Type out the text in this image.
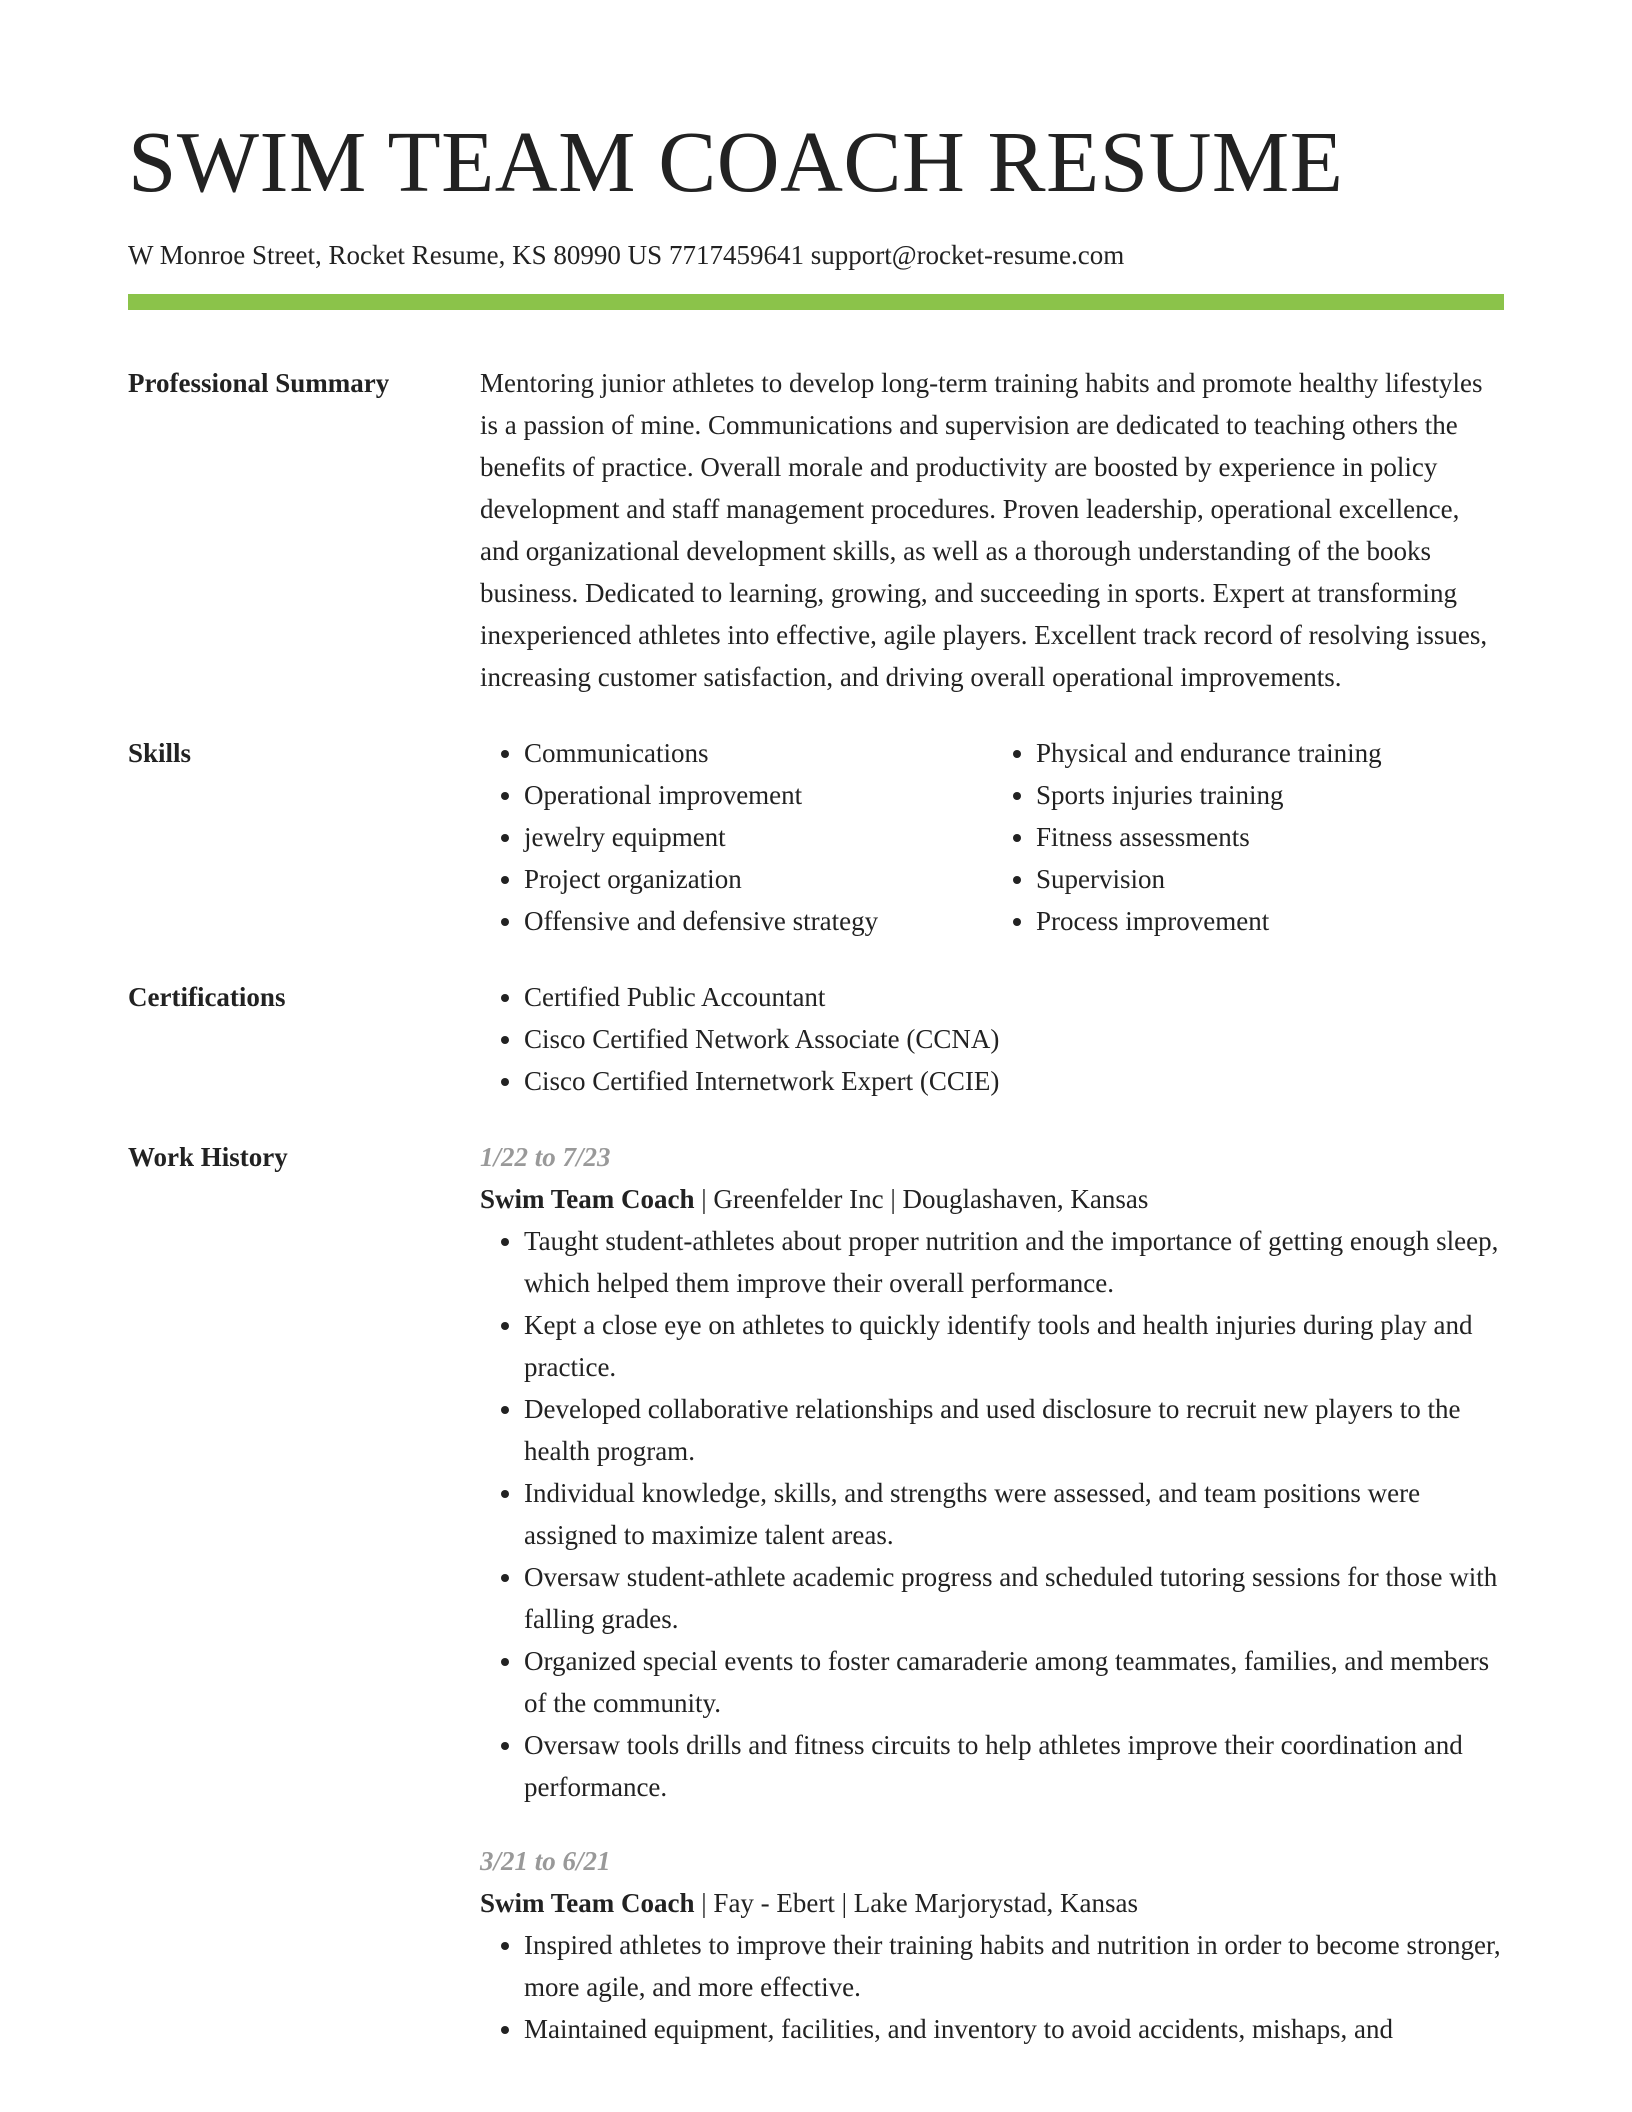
SWIM TEAM COACH RESUME
W Monroe Street, Rocket Resume, KS 80990 US 7717459641 support@rocket-resume.com
Professional Summary	Mentoring junior athletes to develop long-term training habits and promote healthy lifestyles is a passion of mine. Communications and supervision are dedicated to teaching others the benefits of practice. Overall morale and productivity are boosted by experience in policy development and staff management procedures. Proven leadership, operational excellence, and organizational development skills, as well as a thorough understanding of the books business. Dedicated to learning, growing, and succeeding in sports. Expert at transforming inexperienced athletes into effective, agile players. Excellent track record of resolving issues, increasing customer satisfaction, and driving overall operational improvements.

Skills	• Communications
• Operational improvement
• jewelry equipment
• Project organization
• Offensive and defensive strategy
• Physical and endurance training
• Sports injuries training
• Fitness assessments
• Supervision
• Process improvement
Certifications	• Certified Public Accountant
• Cisco Certified Network Associate (CCNA)
• Cisco Certified Internetwork Expert (CCIE)
Work History	1/22 to 7/23
Swim Team Coach | Greenfelder Inc | Douglashaven, Kansas
• Taught student-athletes about proper nutrition and the importance of getting enough sleep, which helped them improve their overall performance.
• Kept a close eye on athletes to quickly identify tools and health injuries during play and practice.
• Developed collaborative relationships and used disclosure to recruit new players to the health program.
• Individual knowledge, skills, and strengths were assessed, and team positions were assigned to maximize talent areas.
• Oversaw student-athlete academic progress and scheduled tutoring sessions for those with falling grades.
• Organized special events to foster camaraderie among teammates, families, and members of the community.
• Oversaw tools drills and fitness circuits to help athletes improve their coordination and performance.
3/21 to 6/21
Swim Team Coach | Fay - Ebert | Lake Marjorystad, Kansas
• Inspired athletes to improve their training habits and nutrition in order to become stronger, more agile, and more effective.
• Maintained equipment, facilities, and inventory to avoid accidents, mishaps, and
